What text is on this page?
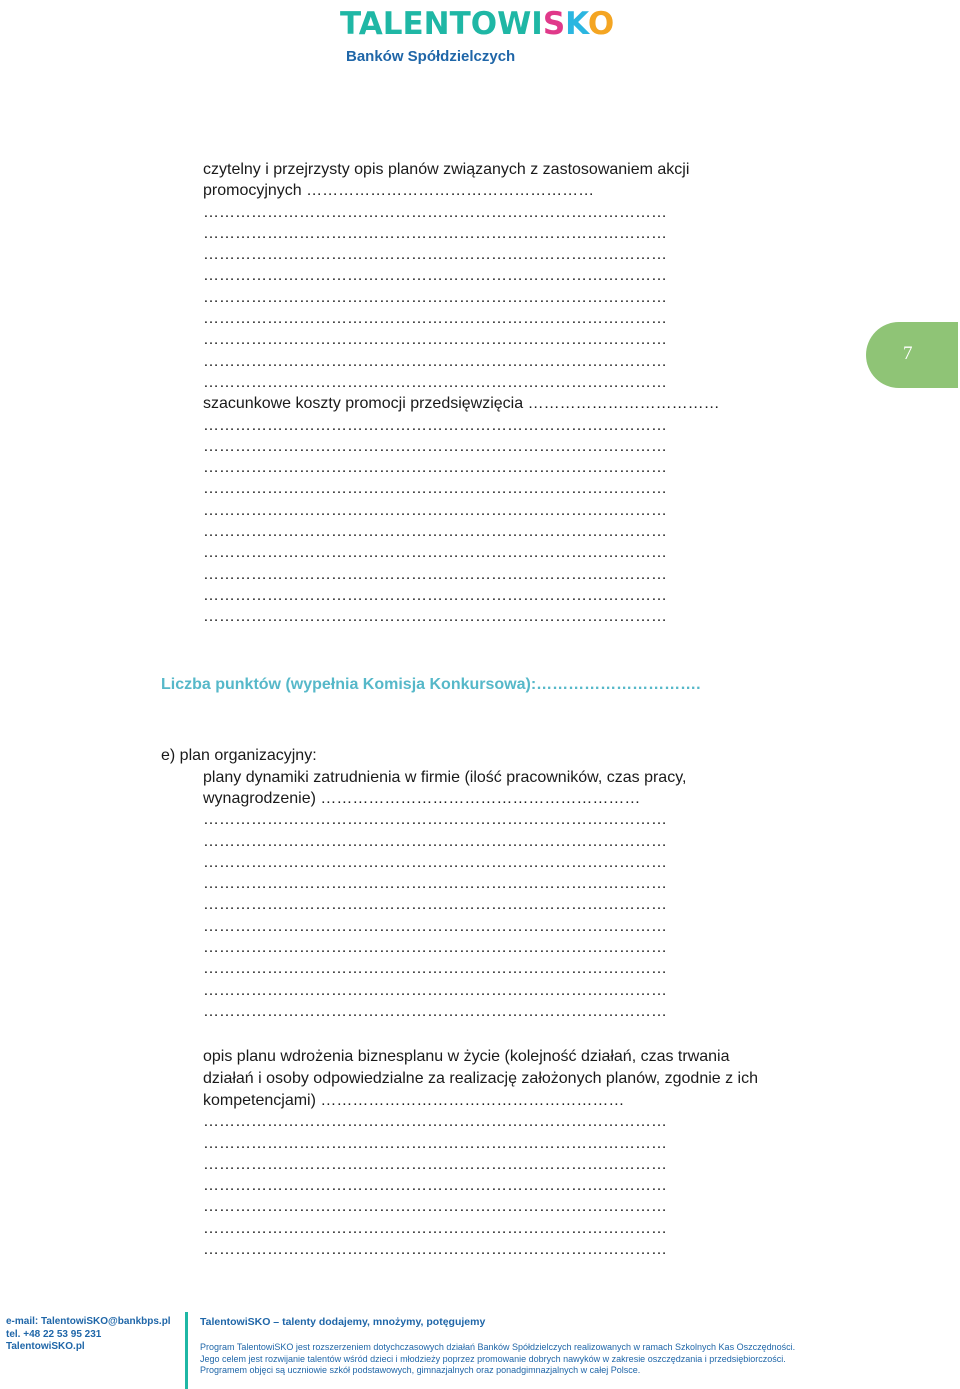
TALENTOWISKO
Banków Spółdzielczych
7
czytelny i przejrzysty opis planów związanych z zastosowaniem akcji
promocyjnych ………………………………………………
……………………………………………………………………………
……………………………………………………………………………
……………………………………………………………………………
……………………………………………………………………………
……………………………………………………………………………
……………………………………………………………………………
……………………………………………………………………………
……………………………………………………………………………
……………………………………………………………………………
szacunkowe koszty promocji przedsięwzięcia ………………………………
……………………………………………………………………………
……………………………………………………………………………
……………………………………………………………………………
……………………………………………………………………………
……………………………………………………………………………
……………………………………………………………………………
……………………………………………………………………………
……………………………………………………………………………
……………………………………………………………………………
……………………………………………………………………………
Liczba punktów (wypełnia Komisja Konkursowa):………………………….
e) plan organizacyjny:
plany dynamiki zatrudnienia w firmie (ilość pracowników, czas pracy,
wynagrodzenie) ……………………………………………………
……………………………………………………………………………
……………………………………………………………………………
……………………………………………………………………………
……………………………………………………………………………
……………………………………………………………………………
……………………………………………………………………………
……………………………………………………………………………
……………………………………………………………………………
……………………………………………………………………………
……………………………………………………………………………
opis planu wdrożenia biznesplanu w życie (kolejność działań, czas trwania
działań i osoby odpowiedzialne za realizację założonych planów, zgodnie z ich
kompetencjami) …………………………………………………
……………………………………………………………………………
……………………………………………………………………………
……………………………………………………………………………
……………………………………………………………………………
……………………………………………………………………………
……………………………………………………………………………
……………………………………………………………………………
e-mail: TalentowiSKO@bankbps.pl
tel. +48 22 53 95 231
TalentowiSKO.pl
TalentowiSKO – talenty dodajemy, mnożymy, potęgujemy
Program TalentowiSKO jest rozszerzeniem dotychczasowych działań Banków Spółdzielczych realizowanych w ramach Szkolnych Kas Oszczędności.
Jego celem jest rozwijanie talentów wśród dzieci i młodzieży poprzez promowanie dobrych nawyków w zakresie oszczędzania i przedsiębiorczości.
Programem objęci są uczniowie szkół podstawowych, gimnazjalnych oraz ponadgimnazjalnych w całej Polsce.
